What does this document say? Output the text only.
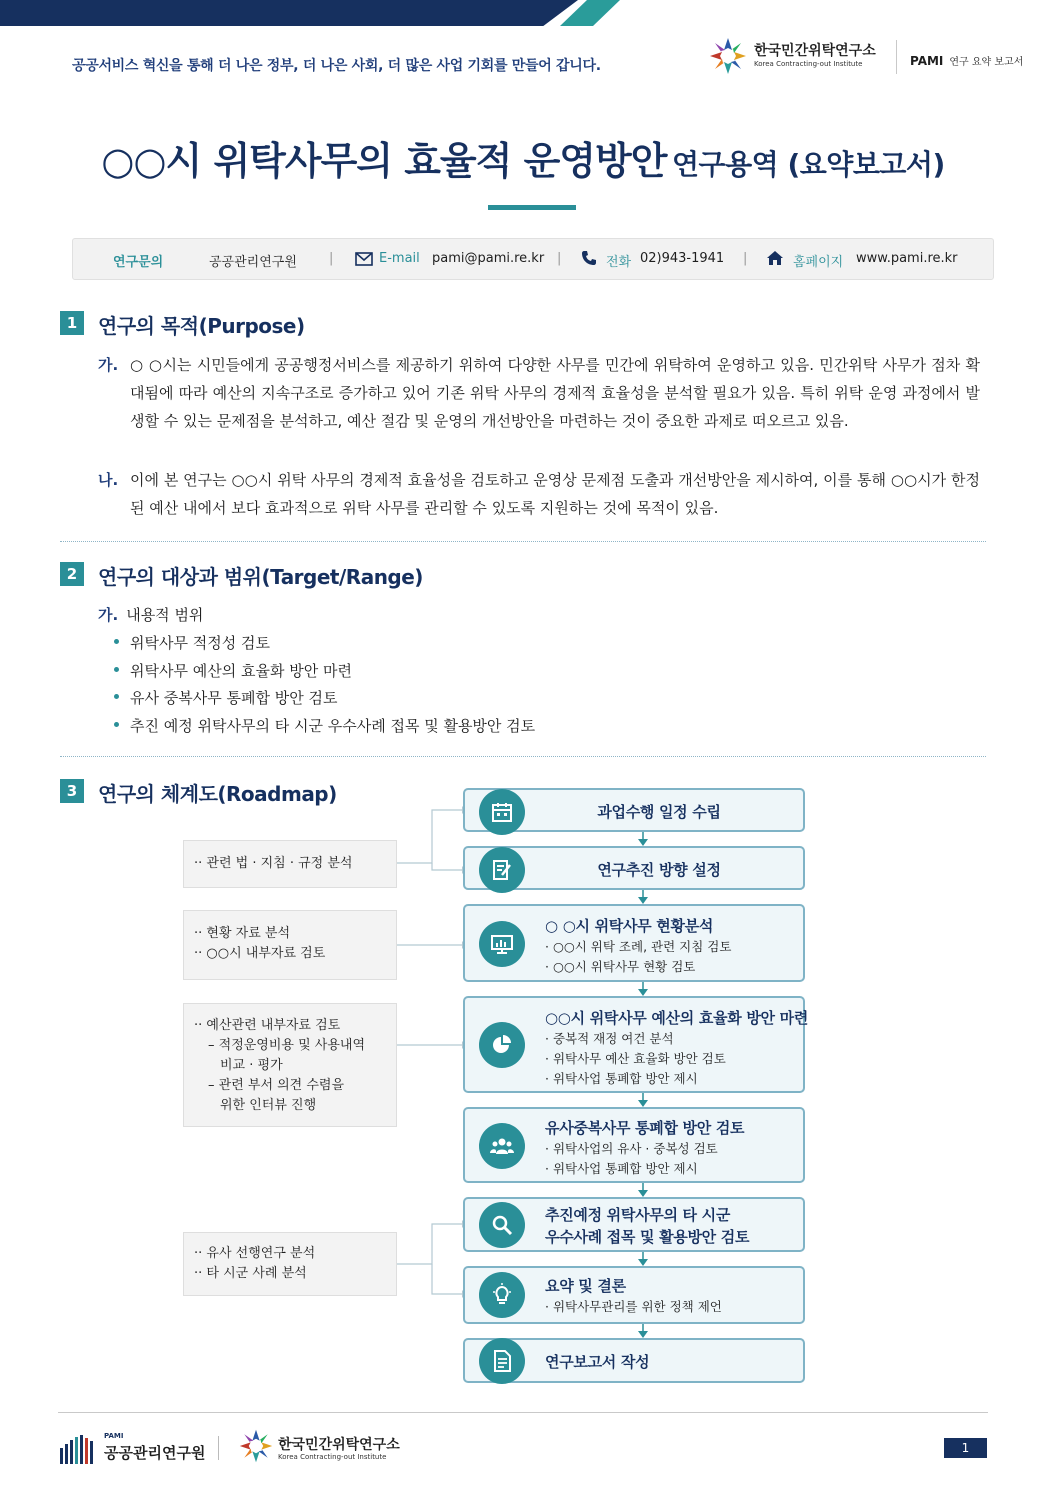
공공서비스 혁신을 통해 더 나은 정부, 더 나은 사회, 더 많은 사업 기회를 만들어 갑니다.
한국민간위탁연구소
Korea Contracting-out Institute	PAMI 연구 요약 보고서
○○시 위탁사무의 효율적 운영방안 연구용역 (요약보고서)
연구문의	공공관리연구원 |	E-mail pami@pami.re.kr |	전화 02)943-1941 |	홈페이지 www.pami.re.kr
1	연구의 목적(Purpose)
가. ○ ○시는 시민들에게 공공행정서비스를 제공하기 위하여 다양한 사무를 민간에 위탁하여 운영하고 있음. 민간위탁 사무가 점차 확대됨에 따라 예산의 지속구조로 증가하고 있어 기존 위탁 사무의 경제적 효율성을 분석할 필요가 있음. 특히 위탁 운영 과정에서 발생할 수 있는 문제점을 분석하고, 예산 절감 및 운영의 개선방안을 마련하는 것이 중요한 과제로 떠오르고 있음.
나. 이에 본 연구는 ○○시 위탁 사무의 경제적 효율성을 검토하고 운영상 문제점 도출과 개선방안을 제시하여, 이를 통해 ○○시가 한정된 예산 내에서 보다 효과적으로 위탁 사무를 관리할 수 있도록 지원하는 것에 목적이 있음.
2	연구의 대상과 범위(Target/Range)
가. 내용적 범위
위탁사무 적정성 검토
위탁사무 예산의 효율화 방안 마련
유사 중복사무 통폐합 방안 검토
추진 예정 위탁사무의 타 시군 우수사례 접목 및 활용방안 검토
3	연구의 체계도(Roadmap)
·· 관련 법 · 지침 · 규정 분석
·· 현황 자료 분석
·· ○○시 내부자료 검토
·· 예산관련 내부자료 검토
– 적정운영비용 및 사용내역
비교 · 평가
– 관련 부서 의견 수렴을
위한 인터뷰 진행
·· 유사 선행연구 분석
·· 타 시군 사례 분석
과업수행 일정 수립
연구추진 방향 설정
○ ○시 위탁사무 현황분석
· ○○시 위탁 조례, 관련 지침 검토
· ○○시 위탁사무 현황 검토
○○시 위탁사무 예산의 효율화 방안 마련
· 중복적 재정 여건 분석
· 위탁사무 예산 효율화 방안 검토
· 위탁사업 통폐합 방안 제시
유사중복사무 통폐합 방안 검토
· 위탁사업의 유사 · 중복성 검토
· 위탁사업 통폐합 방안 제시
추진예정 위탁사무의 타 시군
우수사례 접목 및 활용방안 검토
요약 및 결론
· 위탁사무관리를 위한 정책 제언
연구보고서 작성
PAMI
공공관리연구원	한국민간위탁연구소
Korea Contracting-out Institute
1
